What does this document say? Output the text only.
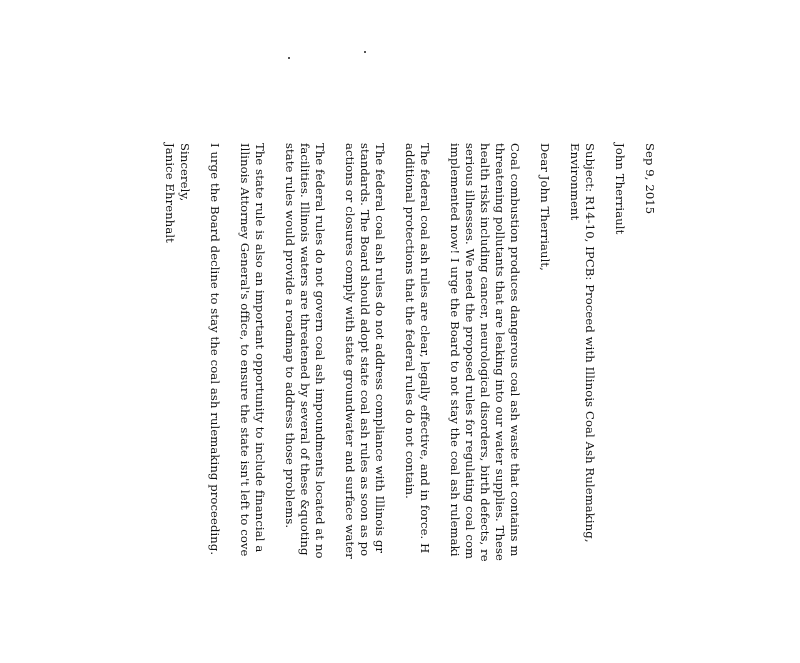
Sep 9, 2015

John Therriault

Subject: R14-10, IPCB: Proceed with Illinois Coal Ash Rulemaking,

Environment

Dear John Therriault,

Coal combustion produces dangerous coal ash waste that contains m

threatening pollutants that are leaking into our water supplies. These

health risks including cancer, neurological disorders, birth defects, re

serious illnesses. We need the proposed rules for regulating coal com

implemented now! I urge the Board to not stay the coal ash rulemaki

The federal coal ash rules are clear, legally effective, and in force. H

additional protections that the federal rules do not contain.

The federal coal ash rules do not address compliance with Illinois gr

standards. The Board should adopt state coal ash rules as soon as po

actions or closures comply with state groundwater and surface water

The federal rules do not govern coal ash impoundments located at no

facilities. Illinois waters are threatened by several of these &quoting

state rules would provide a roadmap to address those problems.

The state rule is also an important opportunity to include financial a

Illinois Attorney General's office, to ensure the state isn't left to cove

I urge the Board decline to stay the coal ash rulemaking proceeding.

Sincerely,

Janice Ehrenhalt
